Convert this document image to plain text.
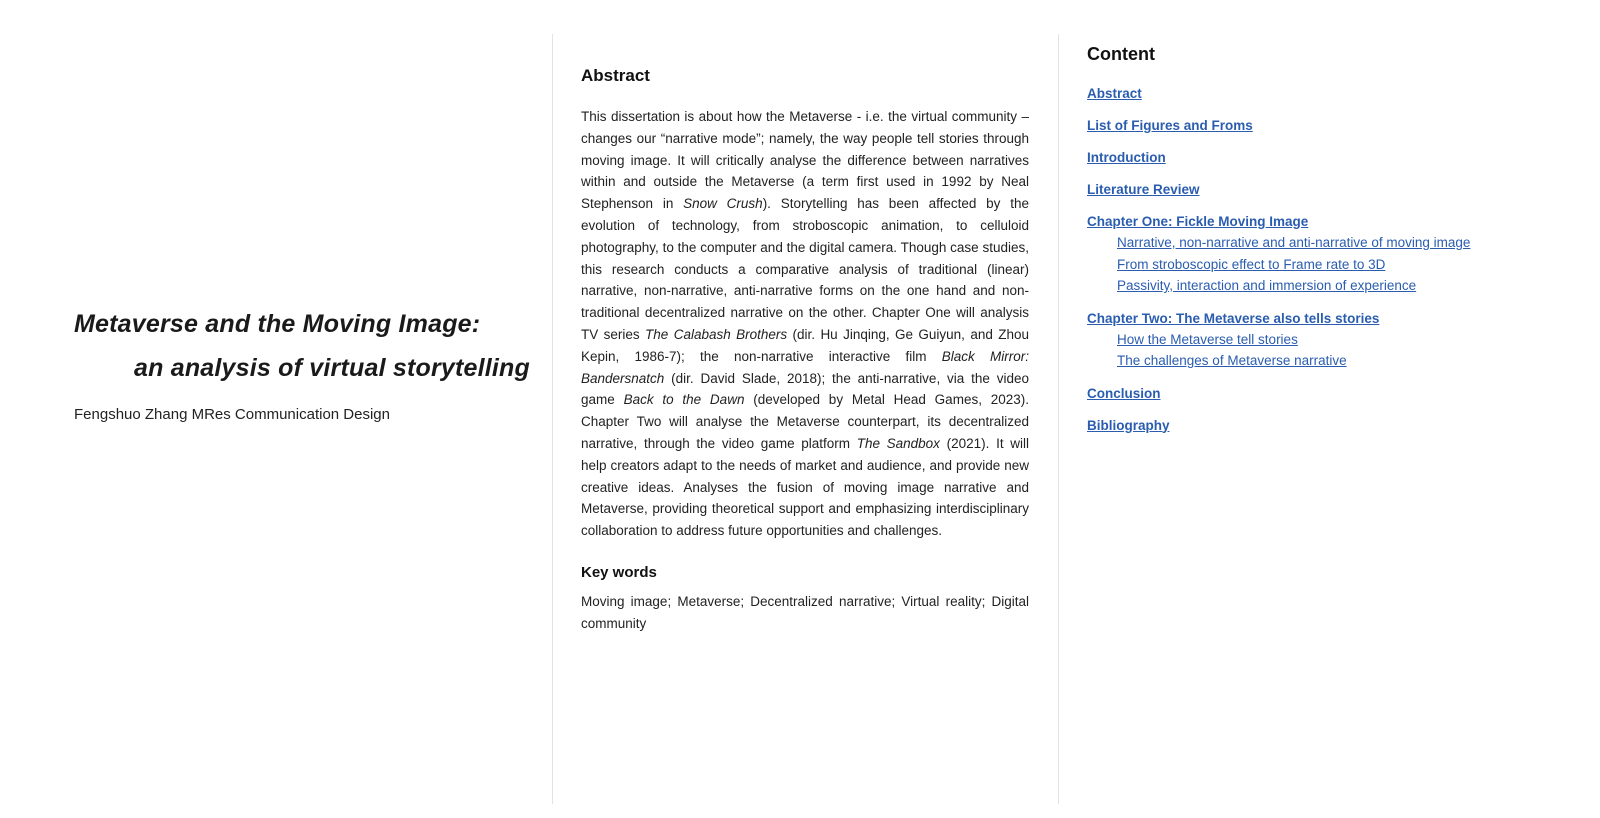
Metaverse and the Moving Image:

an analysis of virtual storytelling

Fengshuo Zhang MRes Communication Design
Abstract

This dissertation is about how the Metaverse - i.e. the virtual community – changes our “narrative mode”; namely, the way people tell stories through moving image. It will critically analyse the difference between narratives within and outside the Metaverse (a term first used in 1992 by Neal Stephenson in Snow Crush). Storytelling has been affected by the evolution of technology, from stroboscopic animation, to celluloid photography, to the computer and the digital camera. Though case studies, this research conducts a comparative analysis of traditional (linear) narrative, non-narrative, anti-narrative forms on the one hand and non-traditional decentralized narrative on the other. Chapter One will analysis TV series The Calabash Brothers (dir. Hu Jinqing, Ge Guiyun, and Zhou Kepin, 1986-7); the non-narrative interactive film Black Mirror: Bandersnatch (dir. David Slade, 2018); the anti-narrative, via the video game Back to the Dawn (developed by Metal Head Games, 2023). Chapter Two will analyse the Metaverse counterpart, its decentralized narrative, through the video game platform The Sandbox (2021). It will help creators adapt to the needs of market and audience, and provide new creative ideas. Analyses the fusion of moving image narrative and Metaverse, providing theoretical support and emphasizing interdisciplinary collaboration to address future opportunities and challenges.

Key words

Moving image; Metaverse; Decentralized narrative; Virtual reality; Digital community

Content
Abstract
List of Figures and Froms
Introduction
Literature Review
Chapter One: Fickle Moving Image
Narrative, non-narrative and anti-narrative of moving image
From stroboscopic effect to Frame rate to 3D
Passivity, interaction and immersion of experience
Chapter Two: The Metaverse also tells stories
How the Metaverse tell stories
The challenges of Metaverse narrative
Conclusion
Bibliography
